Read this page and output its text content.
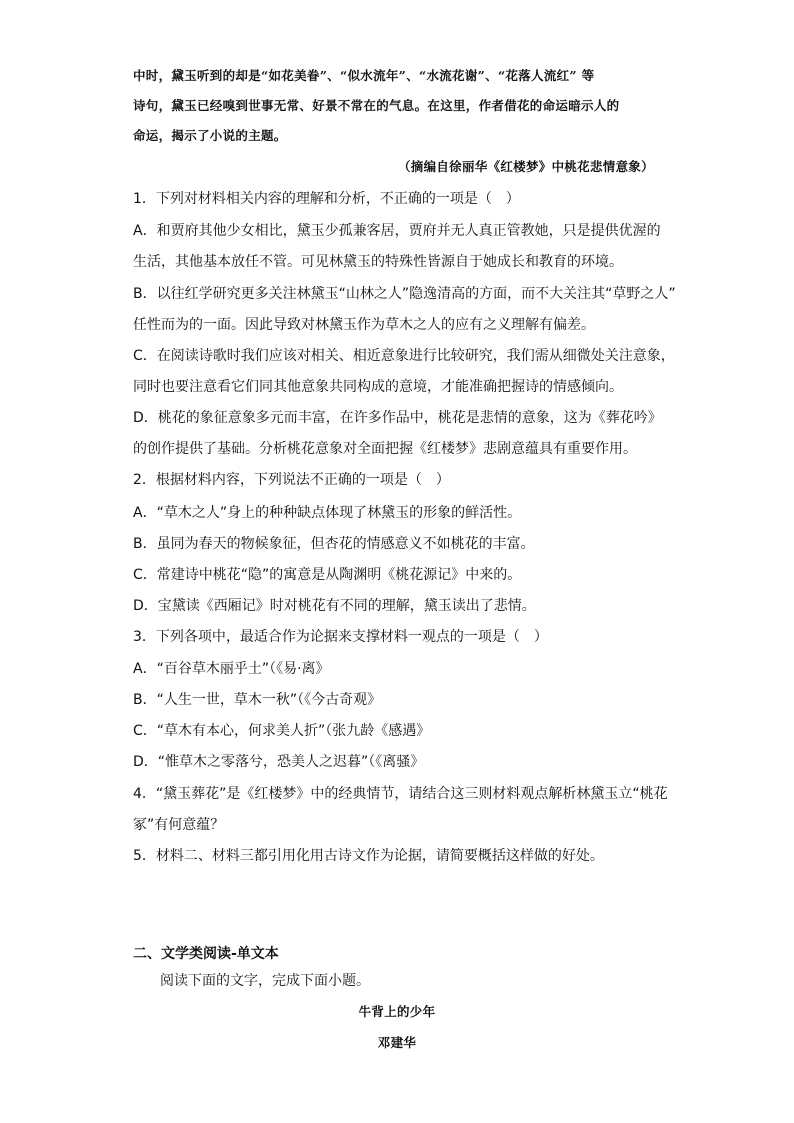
中时，黛玉听到的却是“如花美眷”、“似水流年”、“水流花谢”、“花落人流红” 等
诗句，黛玉已经嗅到世事无常、好景不常在的气息。在这里，作者借花的命运暗示人的
命运，揭示了小说的主题。
（摘编自徐丽华《红楼梦》中桃花悲情意象）
1．下列对材料相关内容的理解和分析，不正确的一项是（　）
A．和贾府其他少女相比，黛玉少孤兼客居，贾府并无人真正管教她，只是提供优渥的
生活，其他基本放任不管。可见林黛玉的特殊性皆源自于她成长和教育的环境。
B．以往红学研究更多关注林黛玉“山林之人”隐逸清高的方面，而不大关注其“草野之人”
任性而为的一面。因此导致对林黛玉作为草木之人的应有之义理解有偏差。
C．在阅读诗歌时我们应该对相关、相近意象进行比较研究，我们需从细微处关注意象，
同时也要注意看它们同其他意象共同构成的意境，才能准确把握诗的情感倾向。
D．桃花的象征意象多元而丰富，在许多作品中，桃花是悲情的意象，这为《葬花吟》
的创作提供了基础。分析桃花意象对全面把握《红楼梦》悲剧意蕴具有重要作用。
2．根据材料内容，下列说法不正确的一项是（　）
A．“草木之人”身上的种种缺点体现了林黛玉的形象的鲜活性。
B．虽同为春天的物候象征，但杏花的情感意义不如桃花的丰富。
C．常建诗中桃花“隐”的寓意是从陶渊明《桃花源记》中来的。
D．宝黛读《西厢记》时对桃花有不同的理解，黛玉读出了悲情。
3．下列各项中，最适合作为论据来支撑材料一观点的一项是（　）
A．“百谷草木丽乎土”（《易·离》
B．“人生一世，草木一秋”（《今古奇观》
C．“草木有本心，何求美人折”（张九龄《感遇》
D．“惟草木之零落兮，恐美人之迟暮”（《离骚》
4．“黛玉葬花”是《红楼梦》中的经典情节，请结合这三则材料观点解析林黛玉立“桃花
冢”有何意蕴？
5．材料二、材料三都引用化用古诗文作为论据，请简要概括这样做的好处。
二、文学类阅读-单文本
阅读下面的文字，完成下面小题。
牛背上的少年
邓建华
